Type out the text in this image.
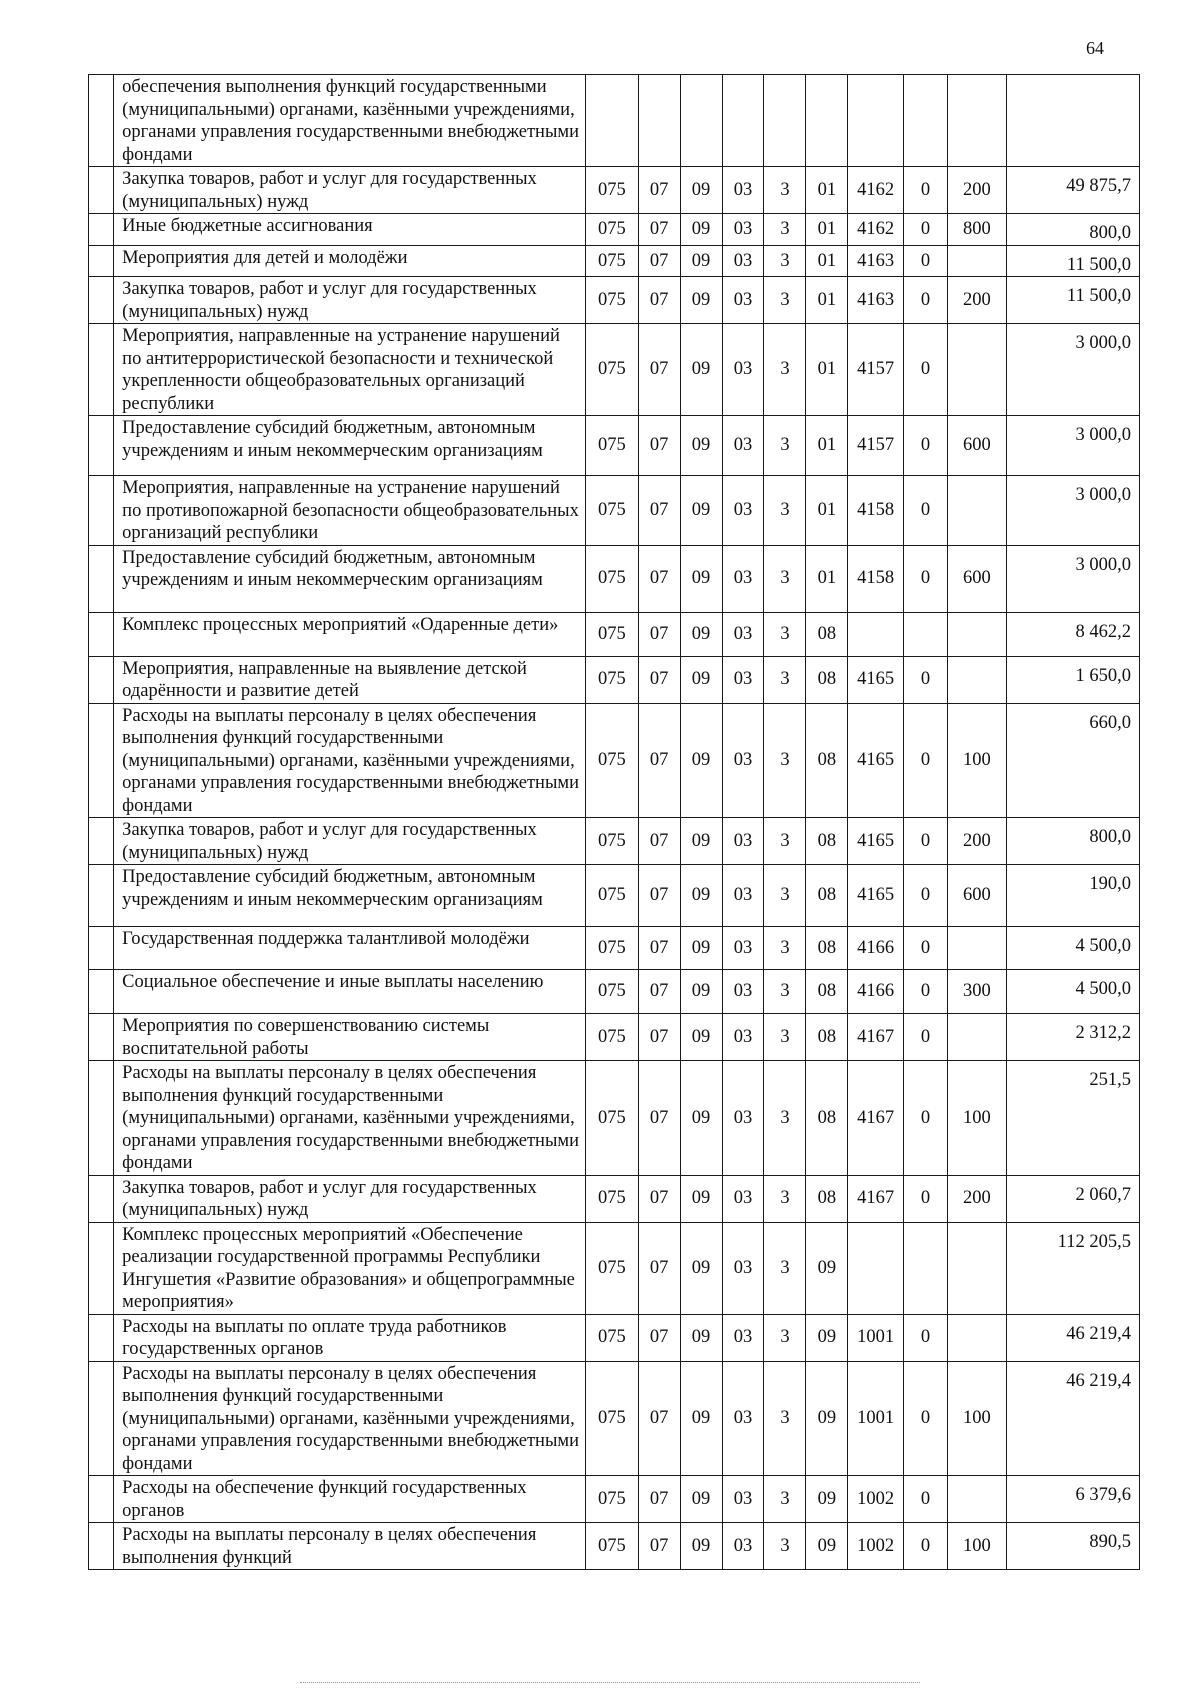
64
	обеспечения выполнения функций государственными (муниципальными) органами, казёнными учреждениями, органами управления государственными внебюджетными фондами										
	Закупка товаров, работ и услуг для государственных (муниципальных) нужд	075	07	09	03	3	01	4162	0	200	49 875,7
	Иные бюджетные ассигнования	075	07	09	03	3	01	4162	0	800	800,0
	Мероприятия для детей и молодёжи	075	07	09	03	3	01	4163	0		11 500,0
	Закупка товаров, работ и услуг для государственных (муниципальных) нужд	075	07	09	03	3	01	4163	0	200	11 500,0
	Мероприятия, направленные на устранение нарушений по антитеррористической безопасности и технической укрепленности общеобразовательных организаций республики	075	07	09	03	3	01	4157	0		3 000,0
	Предоставление субсидий бюджетным, автономным учреждениям и иным некоммерческим организациям	075	07	09	03	3	01	4157	0	600	3 000,0
	Мероприятия, направленные на устранение нарушений по противопожарной безопасности общеобразовательных организаций республики	075	07	09	03	3	01	4158	0		3 000,0
	Предоставление субсидий бюджетным, автономным учреждениям и иным некоммерческим организациям	075	07	09	03	3	01	4158	0	600	3 000,0
	Комплекс процессных мероприятий «Одаренные дети»	075	07	09	03	3	08				8 462,2
	Мероприятия, направленные на выявление детской одарённости и развитие детей	075	07	09	03	3	08	4165	0		1 650,0
	Расходы на выплаты персоналу в целях обеспечения выполнения функций государственными (муниципальными) органами, казёнными учреждениями, органами управления государственными внебюджетными фондами	075	07	09	03	3	08	4165	0	100	660,0
	Закупка товаров, работ и услуг для государственных (муниципальных) нужд	075	07	09	03	3	08	4165	0	200	800,0
	Предоставление субсидий бюджетным, автономным учреждениям и иным некоммерческим организациям	075	07	09	03	3	08	4165	0	600	190,0
	Государственная поддержка талантливой молодёжи	075	07	09	03	3	08	4166	0		4 500,0
	Социальное обеспечение и иные выплаты населению	075	07	09	03	3	08	4166	0	300	4 500,0
	Мероприятия по совершенствованию системы воспитательной работы	075	07	09	03	3	08	4167	0		2 312,2
	Расходы на выплаты персоналу в целях обеспечения выполнения функций государственными (муниципальными) органами, казёнными учреждениями, органами управления государственными внебюджетными фондами	075	07	09	03	3	08	4167	0	100	251,5
	Закупка товаров, работ и услуг для государственных (муниципальных) нужд	075	07	09	03	3	08	4167	0	200	2 060,7
	Комплекс процессных мероприятий «Обеспечение реализации государственной программы Республики Ингушетия «Развитие образования» и общепрограммные мероприятия»	075	07	09	03	3	09				112 205,5
	Расходы на выплаты по оплате труда работников государственных органов	075	07	09	03	3	09	1001	0		46 219,4
	Расходы на выплаты персоналу в целях обеспечения выполнения функций государственными (муниципальными) органами, казёнными учреждениями, органами управления государственными внебюджетными фондами	075	07	09	03	3	09	1001	0	100	46 219,4
	Расходы на обеспечение функций государственных органов	075	07	09	03	3	09	1002	0		6 379,6
	Расходы на выплаты персоналу в целях обеспечения выполнения функций	075	07	09	03	3	09	1002	0	100	890,5
